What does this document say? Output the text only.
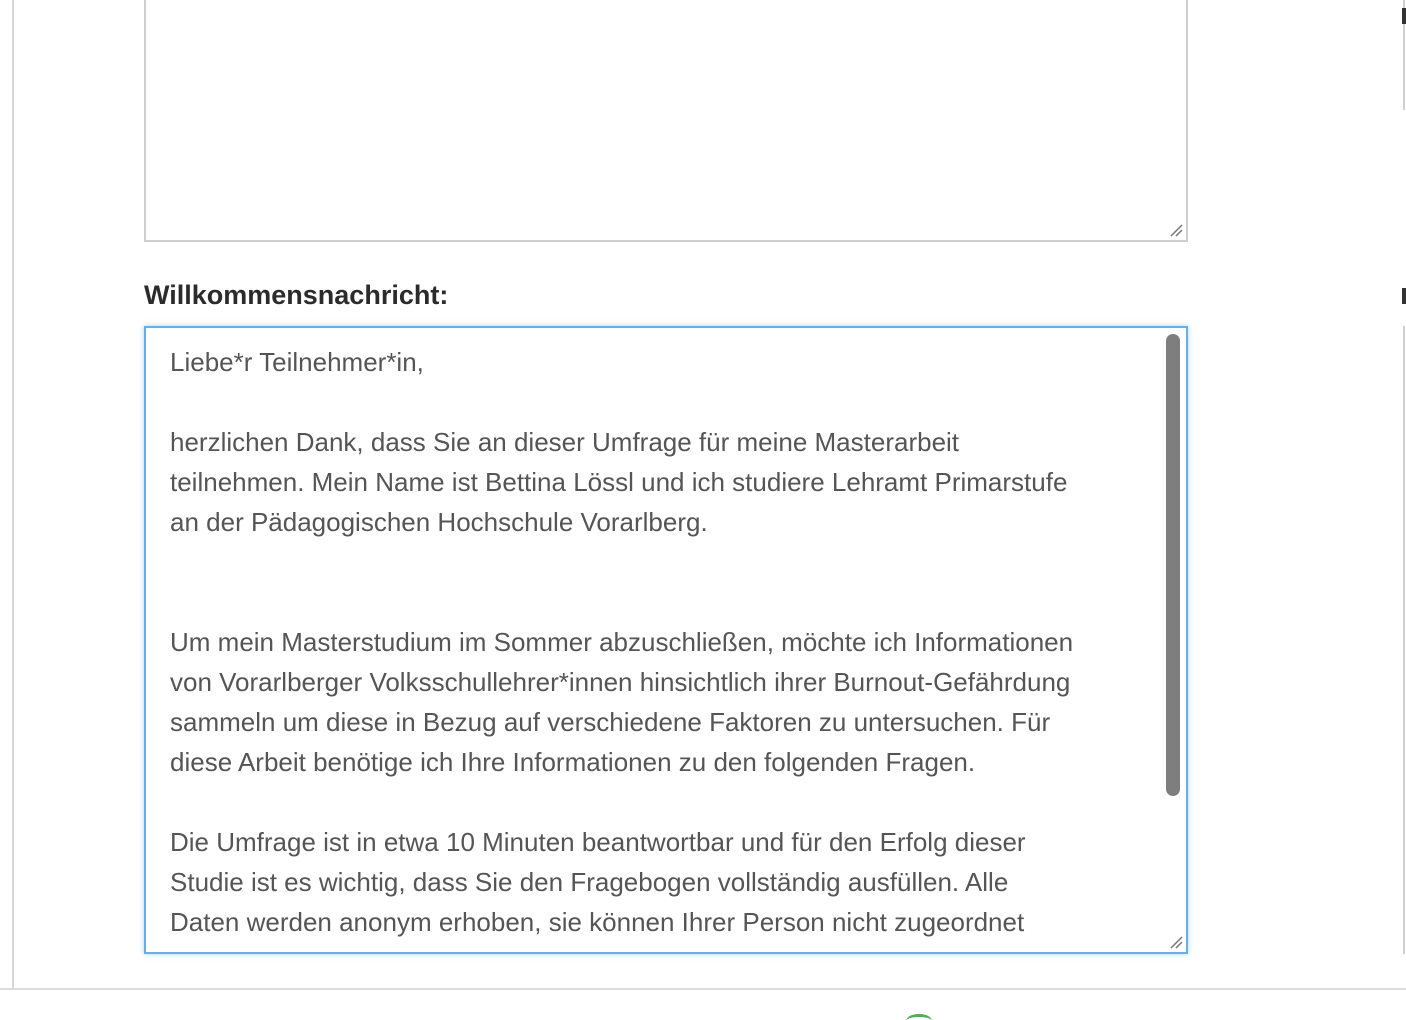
Willkommensnachricht:

Liebe*r Teilnehmer*in,

herzlichen Dank, dass Sie an dieser Umfrage für meine Masterarbeit
teilnehmen. Mein Name ist Bettina Lössl und ich studiere Lehramt Primarstufe
an der Pädagogischen Hochschule Vorarlberg.

Um mein Masterstudium im Sommer abzuschließen, möchte ich Informationen
von Vorarlberger Volksschullehrer*innen hinsichtlich ihrer Burnout-Gefährdung
sammeln um diese in Bezug auf verschiedene Faktoren zu untersuchen. Für
diese Arbeit benötige ich Ihre Informationen zu den folgenden Fragen.

Die Umfrage ist in etwa 10 Minuten beantwortbar und für den Erfolg dieser
Studie ist es wichtig, dass Sie den Fragebogen vollständig ausfüllen. Alle
Daten werden anonym erhoben, sie können Ihrer Person nicht zugeordnet
